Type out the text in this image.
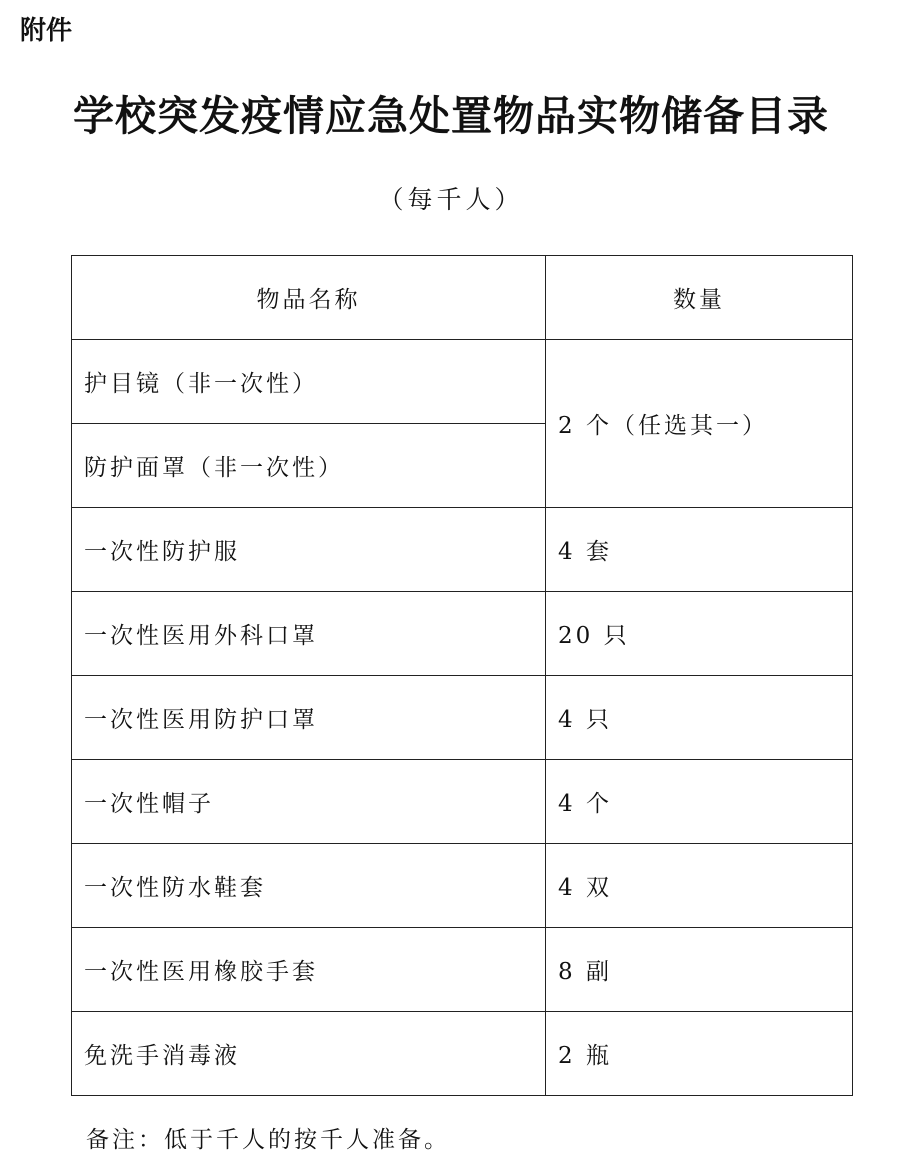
附件
学校突发疫情应急处置物品实物储备目录
（每千人）
物品名称	数量
护目镜（非一次性）	2 个（任选其一）
防护面罩（非一次性）	
一次性防护服	4 套
一次性医用外科口罩	20 只
一次性医用防护口罩	4 只
一次性帽子	4 个
一次性防水鞋套	4 双
一次性医用橡胶手套	8 副
免洗手消毒液	2 瓶
备注：低于千人的按千人准备。
